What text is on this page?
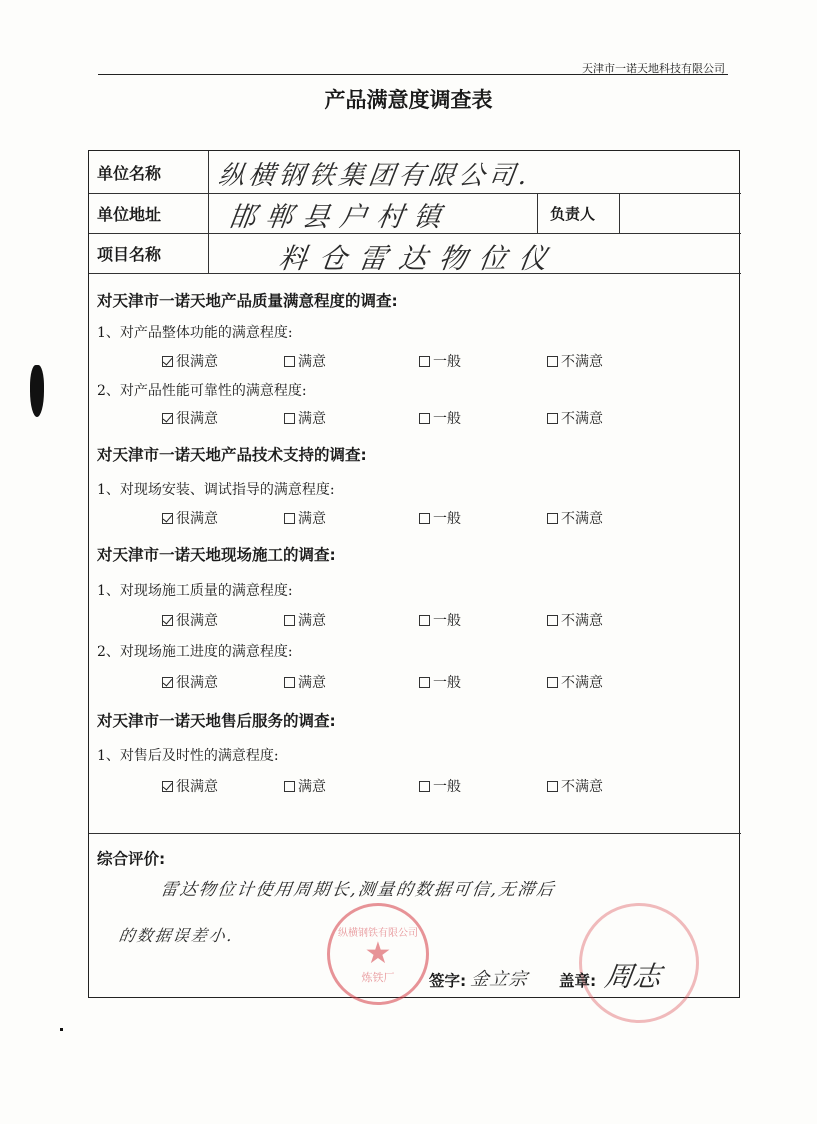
天津市一诺天地科技有限公司
产品满意度调查表
单位名称 纵横钢铁集团有限公司.
单位地址 邯郸县户村镇	负责人
项目名称	料仓雷达物位仪
对天津市一诺天地产品质量满意程度的调查:
1、对产品整体功能的满意程度:
很满意	满意	一般	不满意
2、对产品性能可靠性的满意程度:
很满意	满意	一般	不满意
对天津市一诺天地产品技术支持的调查:
1、对现场安装、调试指导的满意程度:
很满意	满意	一般	不满意
对天津市一诺天地现场施工的调查:
1、对现场施工质量的满意程度:
很满意	满意	一般	不满意
2、对现场施工进度的满意程度:
很满意	满意	一般	不满意
对天津市一诺天地售后服务的调查:
1、对售后及时性的满意程度:
很满意	满意	一般	不满意
综合评价:
雷达物位计使用周期长,测量的数据可信,无滞后
的数据误差小.	纵横钢铁有限公司
★
炼铁厂 签字: 金立宗 盖章: 周志
